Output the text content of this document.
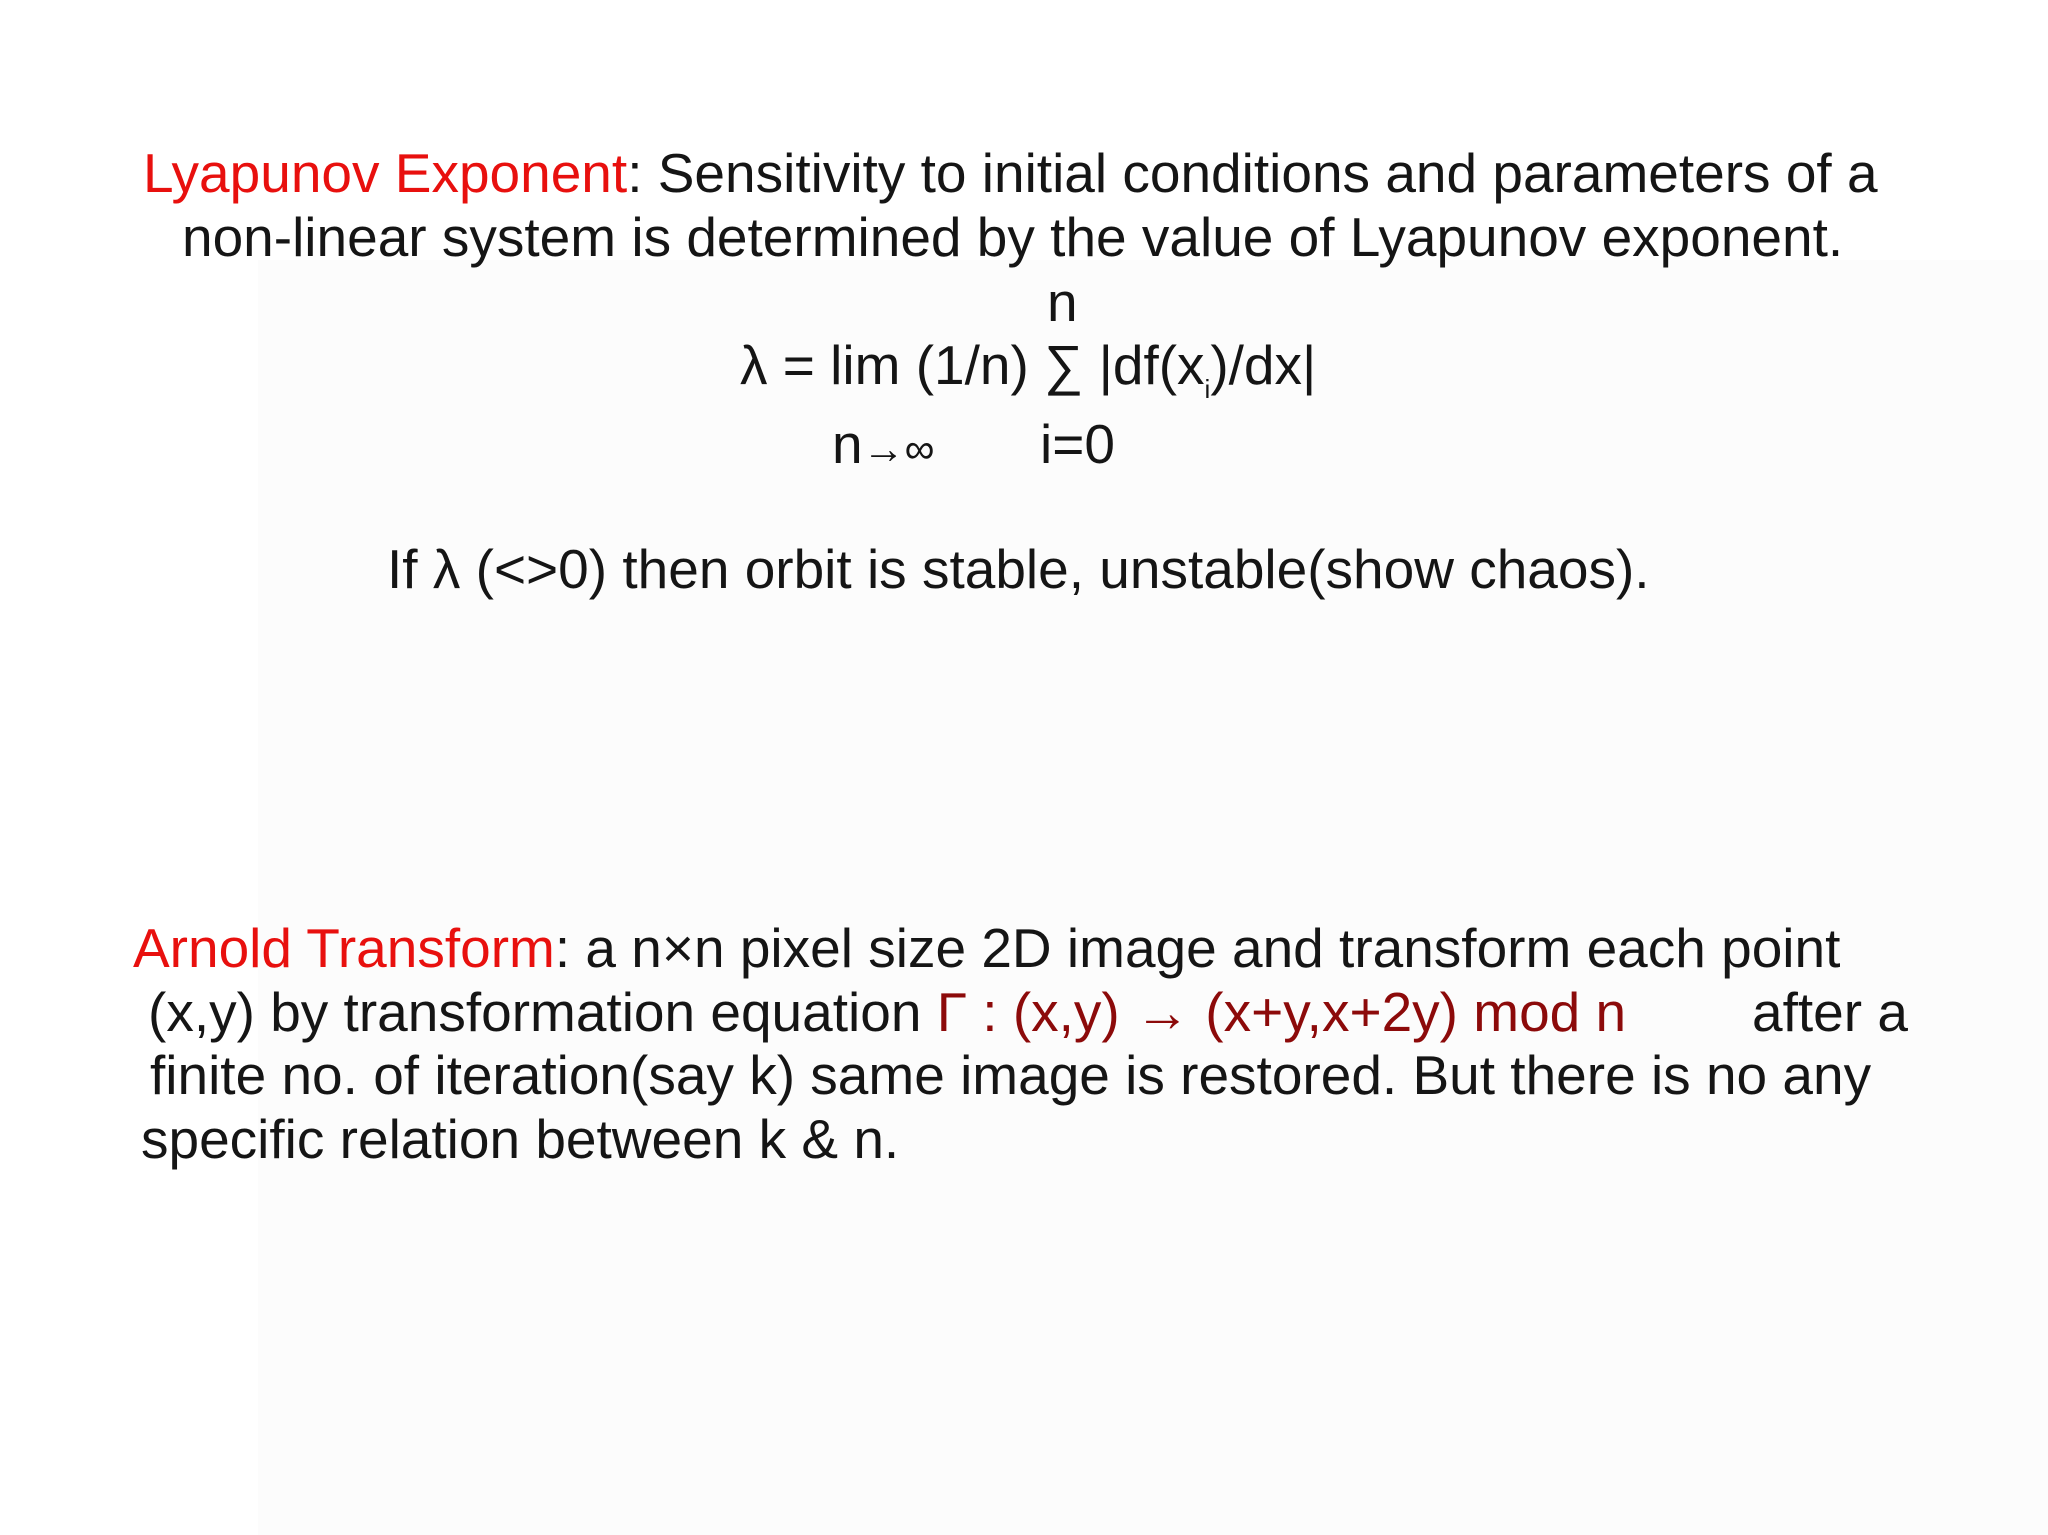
Lyapunov Exponent: Sensitivity to initial conditions and parameters of a
non-linear system is determined by the value of Lyapunov exponent.
n
λ = lim (1/n) ∑ $|df(x_i)/dx|$
n→∞ i=0
If λ (<>0) then orbit is stable, unstable(show chaos).
Arnold Transform: a n×n pixel size 2D image and transform each point
(x,y) by transformation equation Γ : (x,y) → (x+y,x+2y) mod n after a
finite no. of iteration(say k) same image is restored. But there is no any
specific relation between k & n.
